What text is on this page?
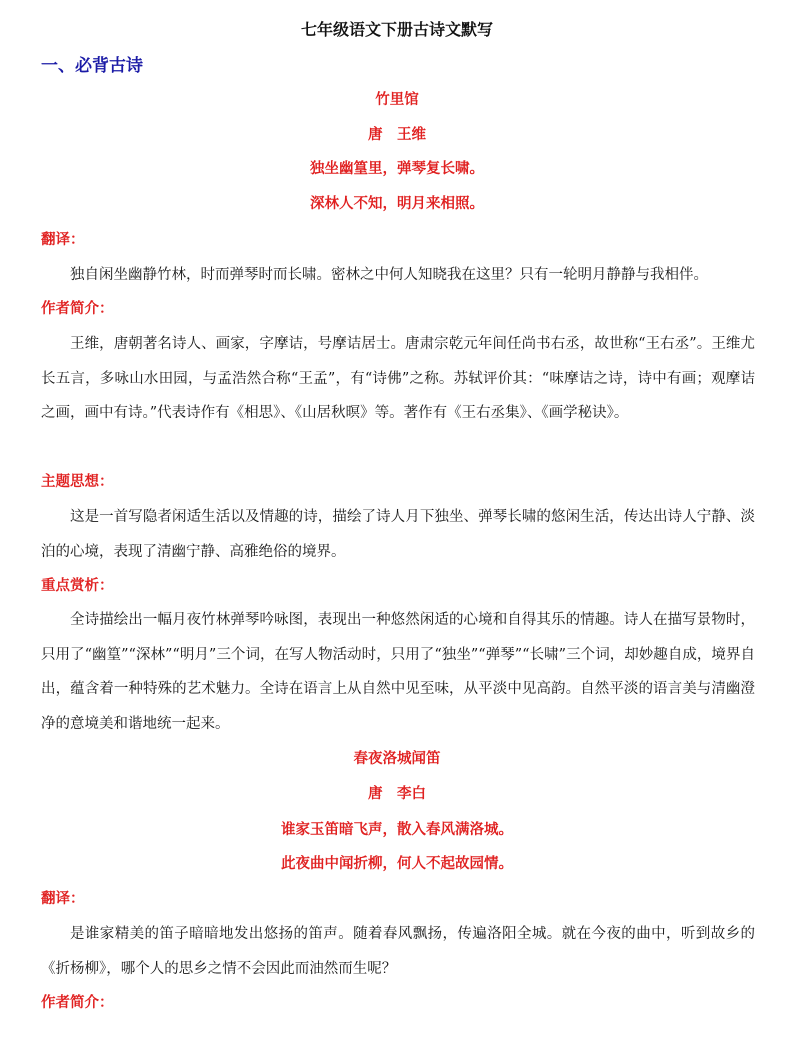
七年级语文下册古诗文默写
一、必背古诗
竹里馆
唐　王维
独坐幽篁里，弹琴复长啸。
深林人不知，明月来相照。
翻译：

独自闲坐幽静竹林，时而弹琴时而长啸。密林之中何人知晓我在这里？只有一轮明月静静与我相伴。

作者简介：

王维，唐朝著名诗人、画家，字摩诘，号摩诘居士。唐肃宗乾元年间任尚书右丞，故世称“王右丞”。王维尤长五言，多咏山水田园，与孟浩然合称“王孟”，有“诗佛”之称。苏轼评价其：“味摩诘之诗，诗中有画；观摩诘之画，画中有诗。”代表诗作有《相思》、《山居秋暝》等。著作有《王右丞集》、《画学秘诀》。

主题思想：

这是一首写隐者闲适生活以及情趣的诗，描绘了诗人月下独坐、弹琴长啸的悠闲生活，传达出诗人宁静、淡泊的心境，表现了清幽宁静、高雅绝俗的境界。

重点赏析：

全诗描绘出一幅月夜竹林弹琴吟咏图，表现出一种悠然闲适的心境和自得其乐的情趣。诗人在描写景物时，只用了“幽篁”“深林”“明月”三个词，在写人物活动时，只用了“独坐”“弹琴”“长啸”三个词，却妙趣自成，境界自出，蕴含着一种特殊的艺术魅力。全诗在语言上从自然中见至味，从平淡中见高韵。自然平淡的语言美与清幽澄净的意境美和谐地统一起来。

春夜洛城闻笛
唐　李白
谁家玉笛暗飞声，散入春风满洛城。
此夜曲中闻折柳，何人不起故园情。
翻译：

是谁家精美的笛子暗暗地发出悠扬的笛声。随着春风飘扬，传遍洛阳全城。就在今夜的曲中，听到故乡的《折杨柳》，哪个人的思乡之情不会因此而油然而生呢？

作者简介：
